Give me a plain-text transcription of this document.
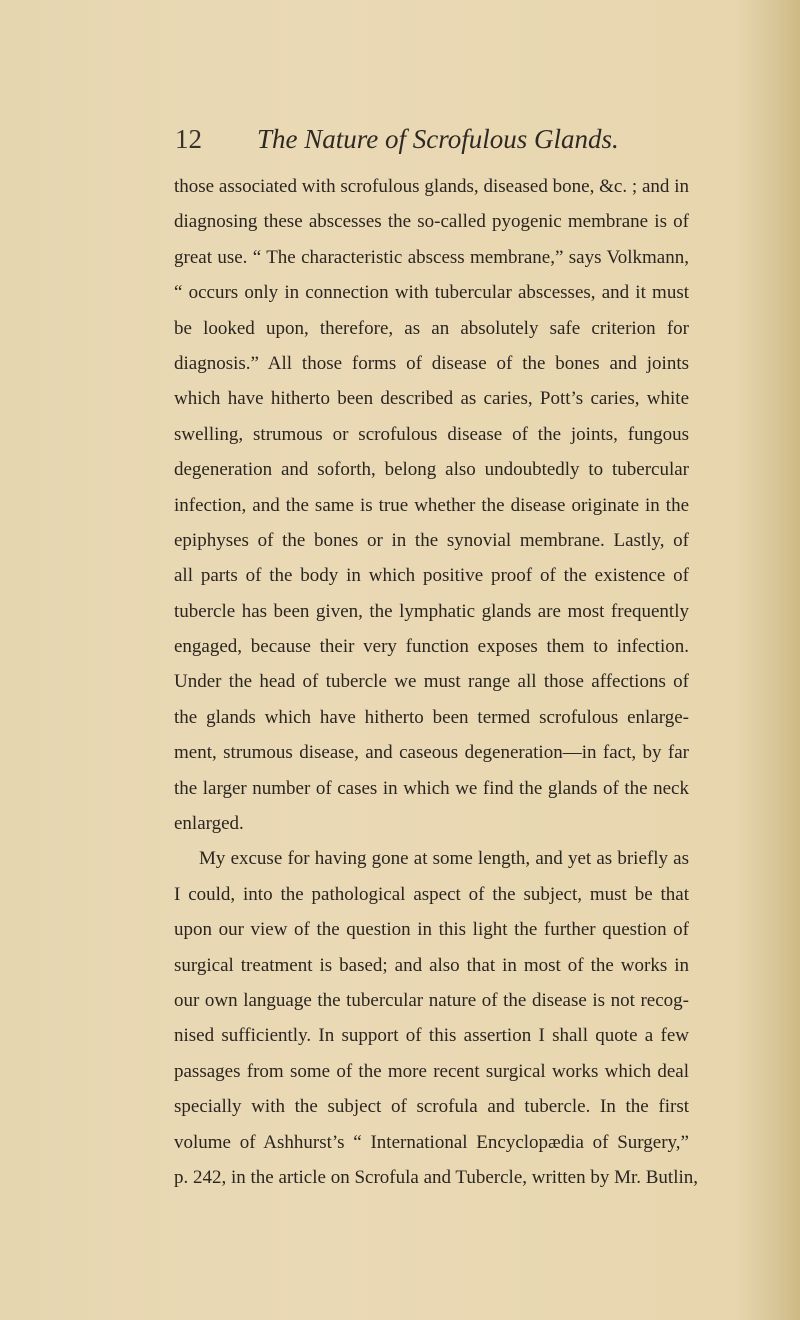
12 The Nature of Scrofulous Glands.
those associated with scrofulous glands, diseased bone, &c. ; and in
diagnosing these abscesses the so-called pyogenic membrane is of
great use. “ The characteristic abscess membrane,” says Volkmann,
“ occurs only in connection with tubercular abscesses, and it must
be looked upon, therefore, as an absolutely safe criterion for
diagnosis.” All those forms of disease of the bones and joints
which have hitherto been described as caries, Pott’s caries, white
swelling, strumous or scrofulous disease of the joints, fungous
degeneration and soforth, belong also undoubtedly to tubercular
infection, and the same is true whether the disease originate in the
epiphyses of the bones or in the synovial membrane. Lastly, of
all parts of the body in which positive proof of the existence of
tubercle has been given, the lymphatic glands are most frequently
engaged, because their very function exposes them to infection.
Under the head of tubercle we must range all those affections of
the glands which have hitherto been termed scrofulous enlarge-
ment, strumous disease, and caseous degeneration—in fact, by far
the larger number of cases in which we find the glands of the neck
enlarged.
My excuse for having gone at some length, and yet as briefly as
I could, into the pathological aspect of the subject, must be that
upon our view of the question in this light the further question of
surgical treatment is based; and also that in most of the works in
our own language the tubercular nature of the disease is not recog-
nised sufficiently. In support of this assertion I shall quote a few
passages from some of the more recent surgical works which deal
specially with the subject of scrofula and tubercle. In the first
volume of Ashhurst’s “ International Encyclopædia of Surgery,”
p. 242, in the article on Scrofula and Tubercle, written by Mr. Butlin,
